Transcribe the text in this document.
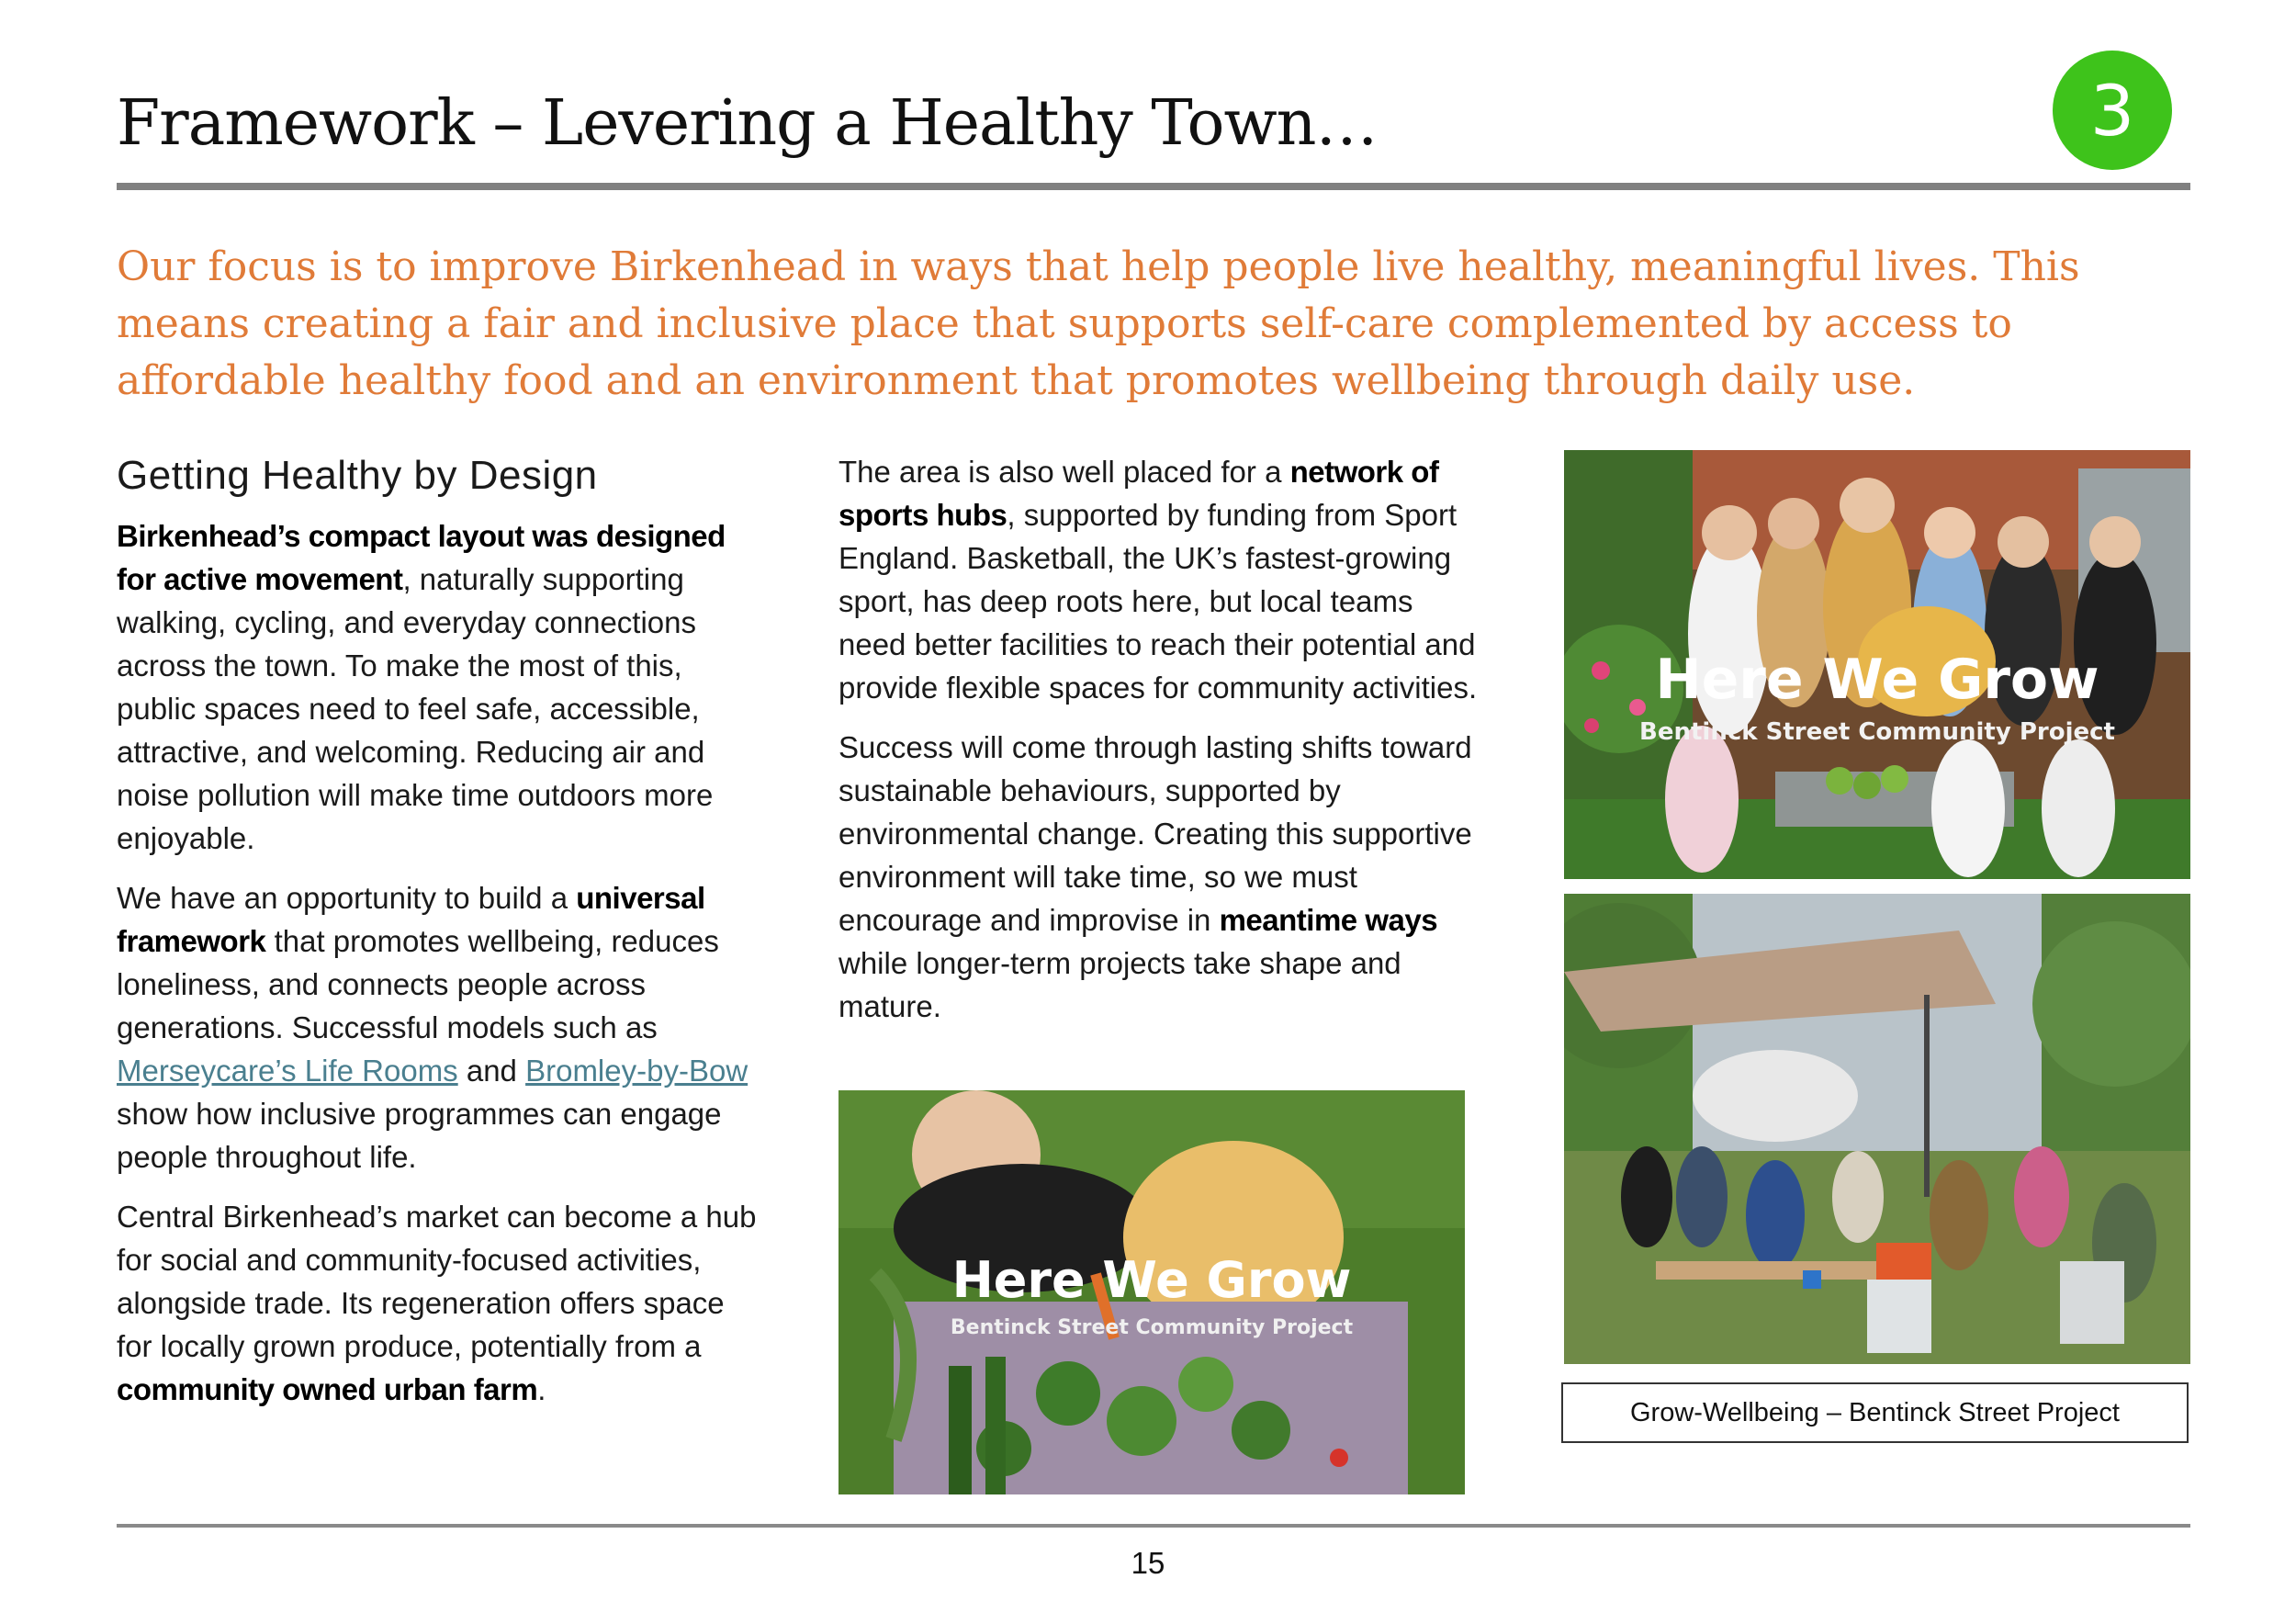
Framework – Levering a Healthy Town…	3

Our focus is to improve Birkenhead in ways that help people live healthy, meaningful lives. This means creating a fair and inclusive place that supports self-care complemented by access to affordable healthy food and an environment that promotes wellbeing through daily use.

Getting Healthy by Design

Birkenhead’s compact layout was designed for active movement, naturally supporting walking, cycling, and everyday connections across the town. To make the most of this, public spaces need to feel safe, accessible, attractive, and welcoming. Reducing air and noise pollution will make time outdoors more enjoyable.

We have an opportunity to build a universal framework that promotes wellbeing, reduces loneliness, and connects people across generations. Successful models such as Merseycare’s Life Rooms and Bromley-by-Bow show how inclusive programmes can engage people throughout life.

Central Birkenhead’s market can become a hub for social and community-focused activities, alongside trade. Its regeneration offers space for locally grown produce, potentially from a community owned urban farm.

The area is also well placed for a network of sports hubs, supported by funding from Sport England. Basketball, the UK’s fastest-growing sport, has deep roots here, but local teams need better facilities to reach their potential and provide flexible spaces for community activities.

Success will come through lasting shifts toward sustainable behaviours, supported by environmental change. Creating this supportive environment will take time, so we must encourage and improvise in meantime ways while longer-term projects take shape and mature.

Here We Grow
Bentinck Street Community Project
Here We Grow
Bentinck Street Community Project
Grow-Wellbeing – Bentinck Street Project
15
